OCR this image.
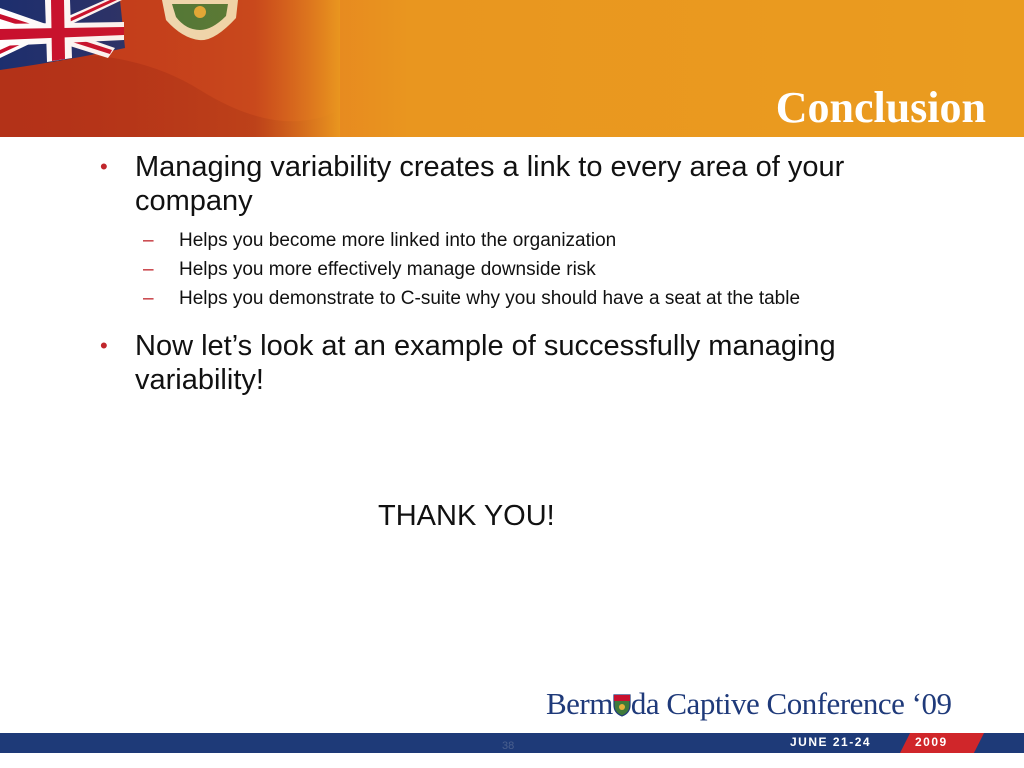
Conclusion
• Managing variability creates a link to every area of your company
–	Helps you become more linked into the organization
–	Helps you more effectively manage downside risk
–	Helps you demonstrate to C-suite why you should have a seat at the table
• Now let’s look at an example of successfully managing variability!

THANK YOU!

Berm da Captive Conference ‘09
JUNE 21-24	2009
38
